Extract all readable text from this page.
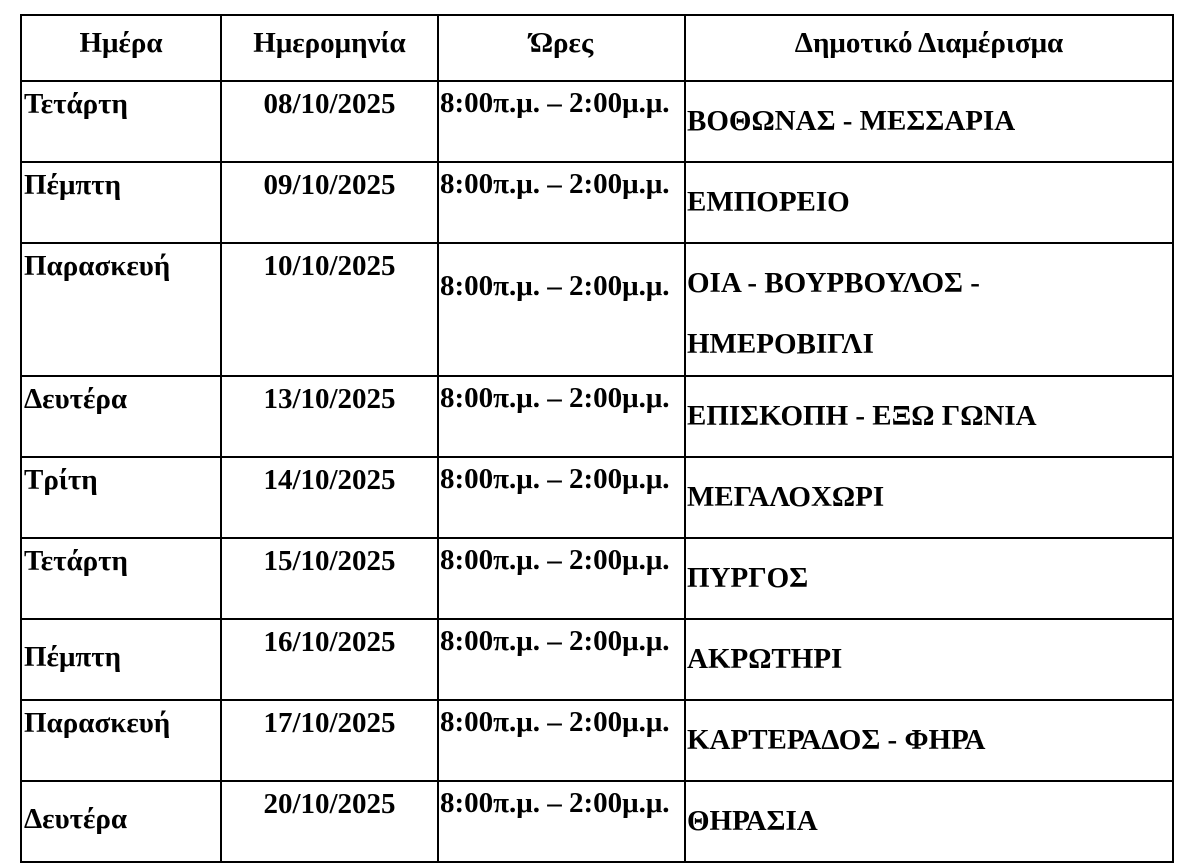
Ημέρα	Ημερομηνία	Ώρες	Δημοτικό Διαμέρισμα
Τετάρτη	08/10/2025	8:00π.μ. – 2:00μ.μ.	ΒΟΘΩΝΑΣ - ΜΕΣΣΑΡΙΑ
Πέμπτη	09/10/2025	8:00π.μ. – 2:00μ.μ.	ΕΜΠΟΡΕΙΟ
Παρασκευή	10/10/2025	8:00π.μ. – 2:00μ.μ.	ΟΙΑ - ΒΟΥΡΒΟΥΛΟΣ - ΗΜΕΡΟΒΙΓΛΙ
Δευτέρα	13/10/2025	8:00π.μ. – 2:00μ.μ.	ΕΠΙΣΚΟΠΗ - ΕΞΩ ΓΩΝΙΑ
Τρίτη	14/10/2025	8:00π.μ. – 2:00μ.μ.	ΜΕΓΑΛΟΧΩΡΙ
Τετάρτη	15/10/2025	8:00π.μ. – 2:00μ.μ.	ΠΥΡΓΟΣ
Πέμπτη	16/10/2025	8:00π.μ. – 2:00μ.μ.	ΑΚΡΩΤΗΡΙ
Παρασκευή	17/10/2025	8:00π.μ. – 2:00μ.μ.	ΚΑΡΤΕΡΑΔΟΣ - ΦΗΡΑ
Δευτέρα	20/10/2025	8:00π.μ. – 2:00μ.μ.	ΘΗΡΑΣΙΑ
